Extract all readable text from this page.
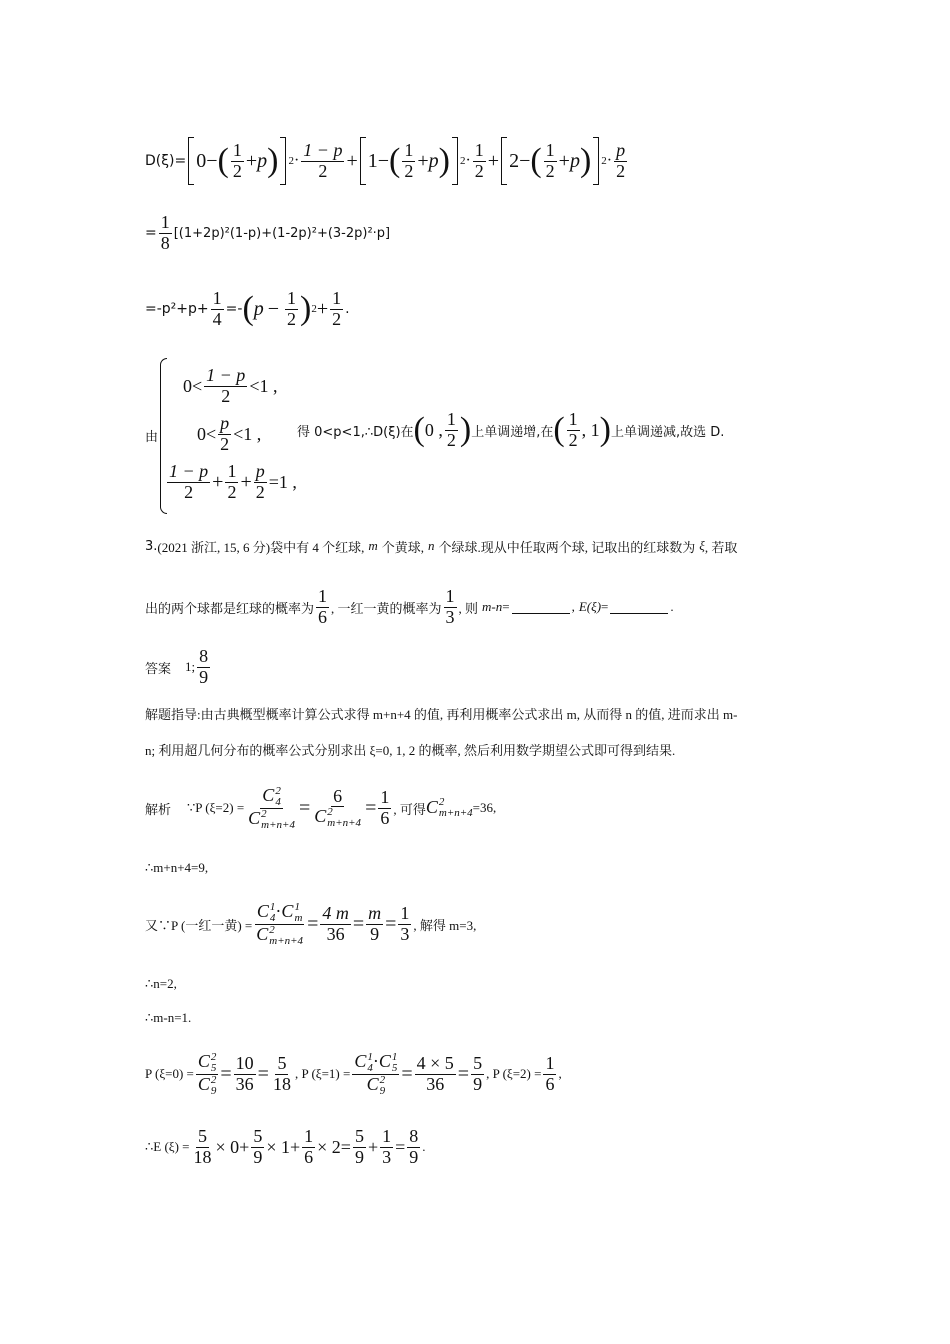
D(ξ)= 0 − ( $\frac{1}{2} + p$ ) $2 \cdot \frac{1 - p}{2} + 1$ − ( $\frac{1}{2} + p$ ) $2 \cdot \frac{1}{2} + 2$ − ( $\frac{1}{2} + p$ ) $2 \cdot \frac{p}{2}$
= $\frac{1}{8} [(1+2p)^2(1-p)+(1-2p)^2+(3-2p)^2\cdot p]$
$=-p^2+p+ \frac{1}{4}$ =- ( $p - \frac{1}{2}$ ) $2 + \frac{1}{2}$ .
由
$0< \frac{1 - p}{2} <1$ ,
$0< \frac{p}{2} <1$ ,
$\frac{1 - p}{2} + \frac{1}{2} + \frac{p}{2} =1$ ,
得 0<p<1,∴D(ξ)在 ( 0 , $\frac{1}{2}$ ) 上单调递增,在 ( $\frac{1}{2}$ , 1 ) 上单调递减,故选 D.
3. (2021 浙江, 15, 6 分) 袋中有 4 个红球, m 个黄球, n 个绿球.现从中任取两个球, 记取出的红球数为 ξ , 若取
出的两个球都是红球的概率为 $\frac{1}{6}$ , 一红一黄的概率为 $\frac{1}{3}$ , 则 m-n =	, E(ξ) =	.
答案 1; $\frac{8}{9}$
解题指导: 由古典概型概率计算公式求得 m+n+4 的值, 再利用概率公式求出 m, 从而得 n 的值, 进而求出 m-
n; 利用超几何分布的概率公式分别求出 ξ=0, 1, 2 的概率, 然后利用数学期望公式即可得到结果.
解析 ∵P (ξ=2) = C 2
4
C 2
m+n+4 = 6
C 2
$m+n+4 = \frac{1}{6}$ , 可得 C 2
m+n+4 =36,
∴m+n+4=9,
又∵P (一红一黄) = C 1
4 ·C 1
m
C 2
$m+n+4 = \frac{4 m}{36} = \frac{m}{9} = \frac{1}{3}$ , 解得 m=3,
∴n=2,
∴m-n=1.
P (ξ=0) = C 2
5
C 2
$9 = \frac{10}{36} = \frac{5}{18}$ , P (ξ=1) = C 1
4 ·C 1
5
C 2
$9 = \frac{4 \times 5}{36} = \frac{5}{9}$ , P $(\xi=2) = \frac{1}{6}$ ,
∴E $(\xi) = \frac{5}{18} \times 0+ \frac{5}{9} \times 1+ \frac{1}{6} \times 2= \frac{5}{9} + \frac{1}{3} = \frac{8}{9}$ .
